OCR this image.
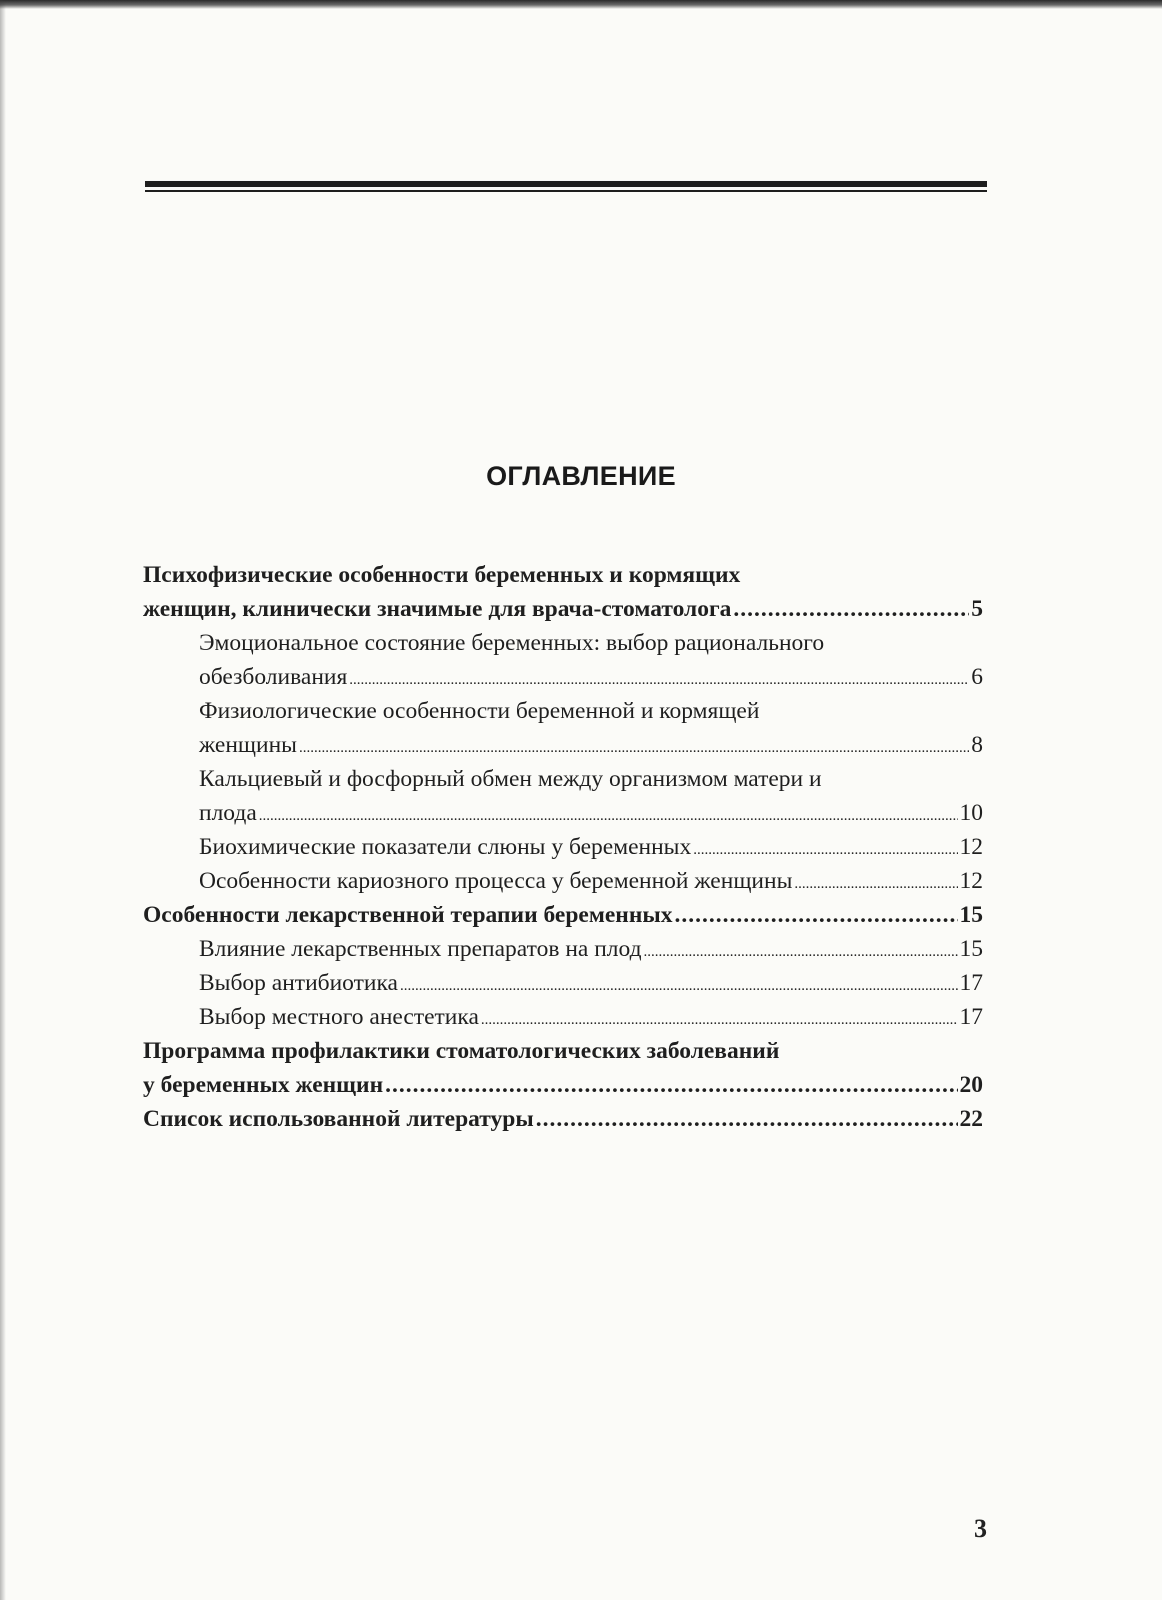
ОГЛАВЛЕНИЕ
Психофизические особенности беременных и кормящих
женщин, клинически значимые для врача-стоматолога .....	5
Эмоциональное состояние беременных: выбор рационального
обезболивания .....	6
Физиологические особенности беременной и кормящей
женщины .....	8
Кальциевый и фосфорный обмен между организмом матери и
плода .....	10
Биохимические показатели слюны у беременных .....	12
Особенности кариозного процесса у беременной женщины .....	12
Особенности лекарственной терапии беременных .....	15
Влияние лекарственных препаратов на плод .....	15
Выбор антибиотика .....	17
Выбор местного анестетика .....	17
Программа профилактики стоматологических заболеваний
у беременных женщин .....	20
Список использованной литературы .....	22
3
